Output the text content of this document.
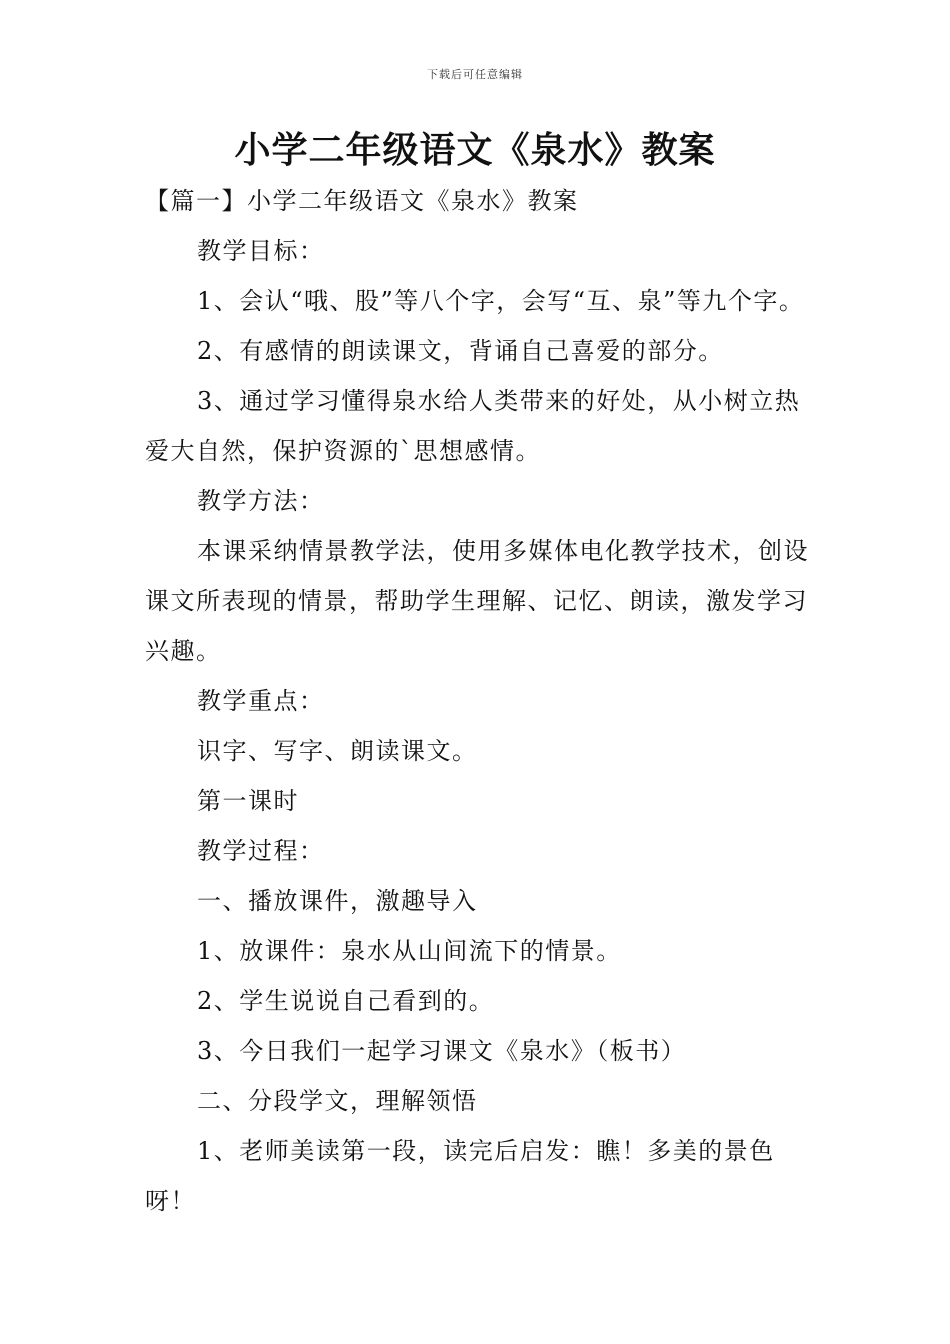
下载后可任意编辑
小学二年级语文《泉水》教案

【篇一】小学二年级语文《泉水》教案

教学目标：

1、会认“哦、股”等八个字，会写“互、泉”等九个字。

2、有感情的朗读课文，背诵自己喜爱的部分。

3、通过学习懂得泉水给人类带来的好处，从小树立热爱大自然，保护资源的`思想感情。

教学方法：

本课采纳情景教学法，使用多媒体电化教学技术，创设课文所表现的情景，帮助学生理解、记忆、朗读，激发学习兴趣。

教学重点：

识字、写字、朗读课文。

第一课时

教学过程：

一、播放课件，激趣导入

1、放课件：泉水从山间流下的情景。

2、学生说说自己看到的。

3、今日我们一起学习课文《泉水》（板书）

二、分段学文，理解领悟

1、老师美读第一段，读完后启发：瞧！多美的景色呀！
